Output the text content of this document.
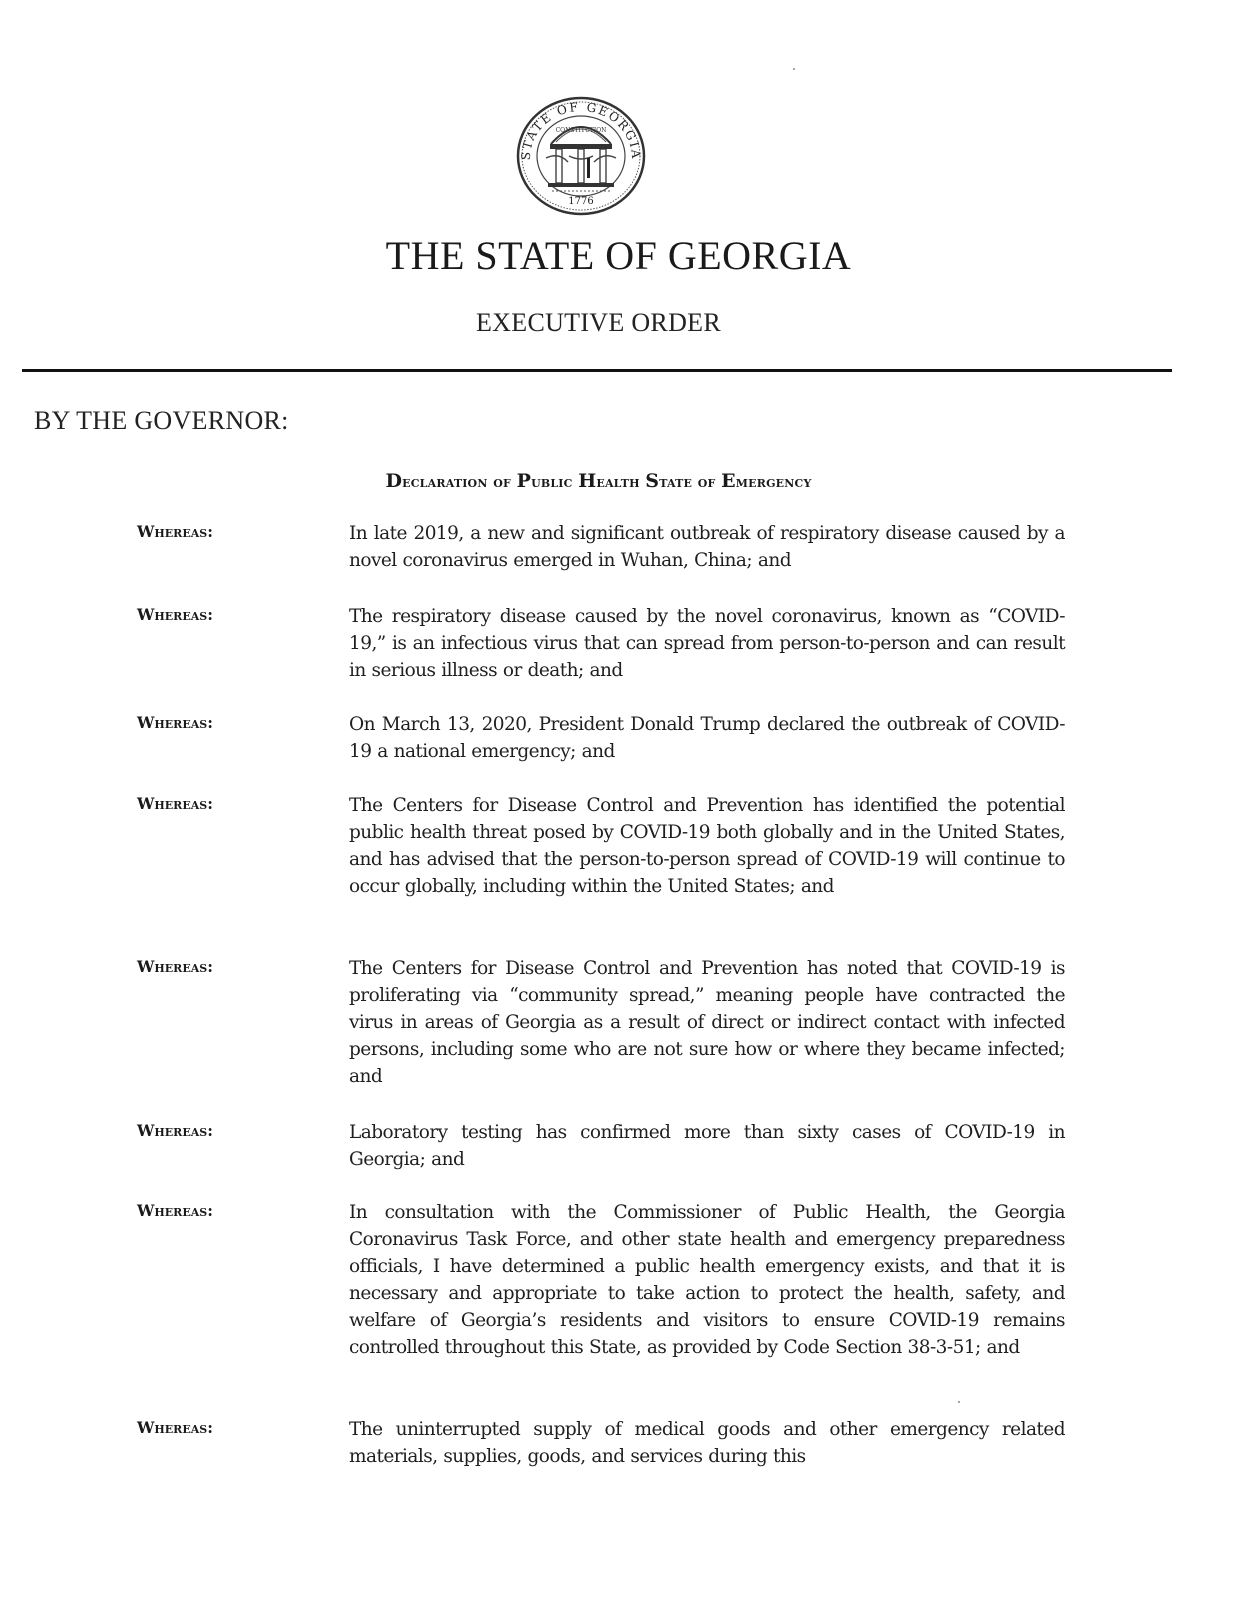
STATE OF GEORGIA
CONSTITUTION
1776
THE STATE OF GEORGIA
EXECUTIVE ORDER
BY THE GOVERNOR:
Declaration of Public Health State of Emergency
Whereas:	In late 2019, a new and significant outbreak of respiratory disease caused by a novel coronavirus emerged in Wuhan, China; and
Whereas:	The respiratory disease caused by the novel coronavirus, known as “COVID-19,” is an infectious virus that can spread from person-to-person and can result in serious illness or death; and
Whereas:	On March 13, 2020, President Donald Trump declared the outbreak of COVID-19 a national emergency; and
Whereas:	The Centers for Disease Control and Prevention has identified the potential public health threat posed by COVID-19 both globally and in the United States, and has advised that the person-to-person spread of COVID-19 will continue to occur globally, including within the United States; and
Whereas:	The Centers for Disease Control and Prevention has noted that COVID-19 is proliferating via “community spread,” meaning people have contracted the virus in areas of Georgia as a result of direct or indirect contact with infected persons, including some who are not sure how or where they became infected; and
Whereas:	Laboratory testing has confirmed more than sixty cases of COVID-19 in Georgia; and
Whereas:	In consultation with the Commissioner of Public Health, the Georgia Coronavirus Task Force, and other state health and emergency preparedness officials, I have determined a public health emergency exists, and that it is necessary and appropriate to take action to protect the health, safety, and welfare of Georgia’s residents and visitors to ensure COVID-19 remains controlled throughout this State, as provided by Code Section 38-3-51; and
Whereas:	The uninterrupted supply of medical goods and other emergency related materials, supplies, goods, and services during this
